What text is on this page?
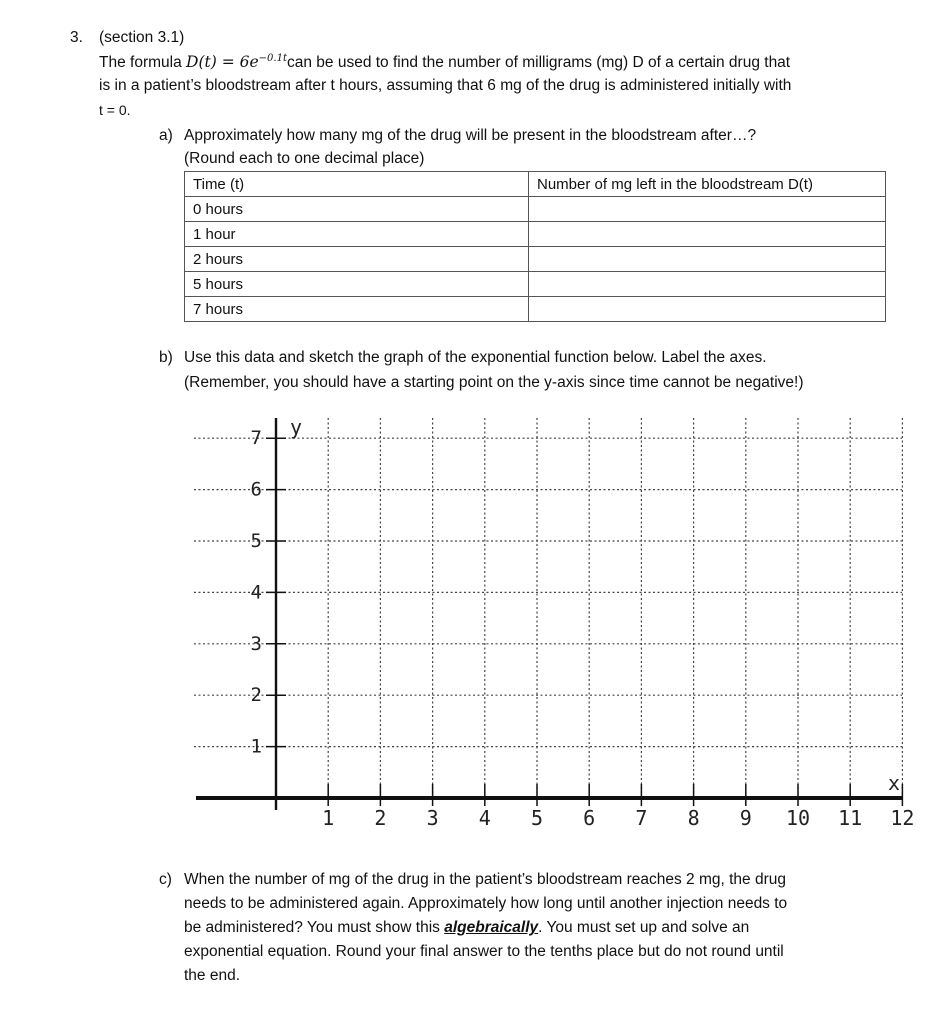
3. (section 3.1)
The formula $D(t) = 6e^{-0.1t}can$ be used to find the number of milligrams (mg) D of a certain drug that
is in a patient’s bloodstream after t hours, assuming that 6 mg of the drug is administered initially with
t = 0.
a) Approximately how many mg of the drug will be present in the bloodstream after…?
(Round each to one decimal place)
Time (t)	Number of mg left in the bloodstream D(t)
0 hours	
1 hour	
2 hours	
5 hours	
7 hours	
b) Use this data and sketch the graph of the exponential function below. Label the axes.
(Remember, you should have a starting point on the y-axis since time cannot be negative!)
1
2
3
4
5
6
7
1 2 3 4 5 6 7 8 9 10 11 12
y
x
c) When the number of mg of the drug in the patient’s bloodstream reaches 2 mg, the drug
needs to be administered again. Approximately how long until another injection needs to
be administered? You must show this algebraically. You must set up and solve an
exponential equation. Round your final answer to the tenths place but do not round until
the end.
